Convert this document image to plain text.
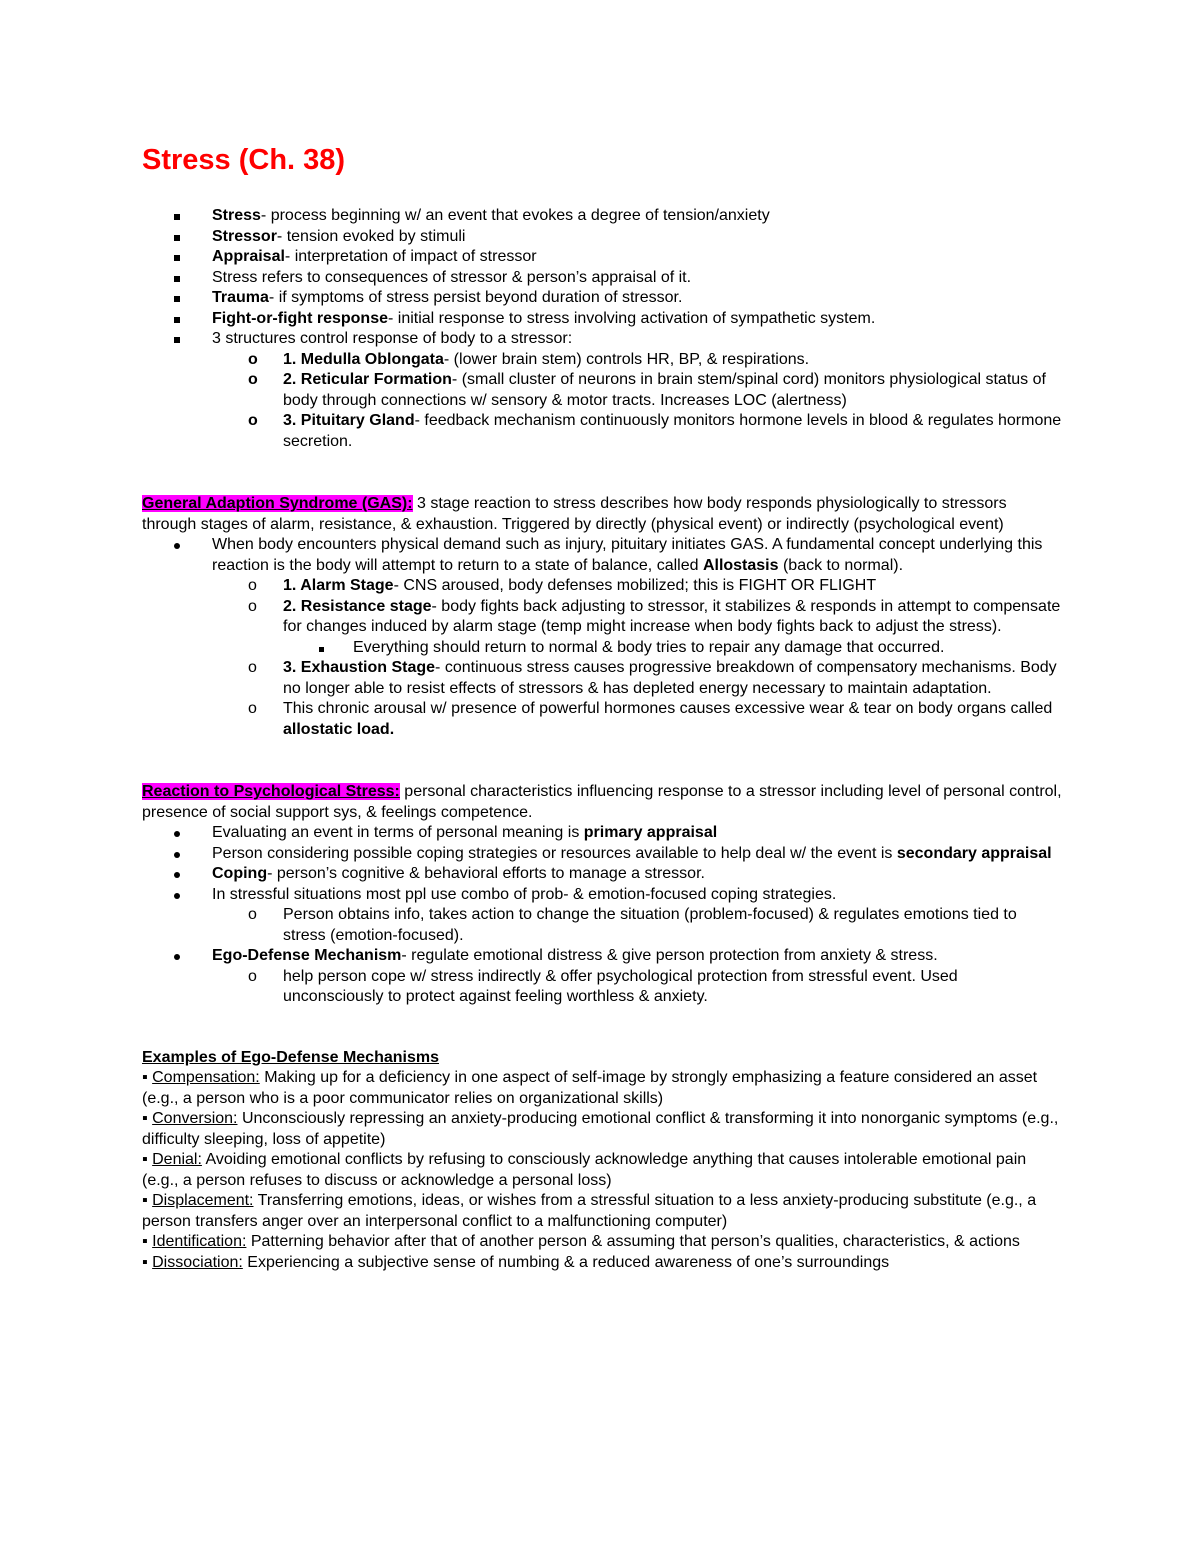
Stress (Ch. 38)
Stress- process beginning w/ an event that evokes a degree of tension/anxiety
Stressor- tension evoked by stimuli
Appraisal- interpretation of impact of stressor
Stress refers to consequences of stressor & person’s appraisal of it.
Trauma- if symptoms of stress persist beyond duration of stressor.
Fight-or-fight response- initial response to stress involving activation of sympathetic system.
3 structures control response of body to a stressor:
o 1. Medulla Oblongata- (lower brain stem) controls HR, BP, & respirations.
o 2. Reticular Formation- (small cluster of neurons in brain stem/spinal cord) monitors physiological status of body through connections w/ sensory & motor tracts. Increases LOC (alertness)
o 3. Pituitary Gland- feedback mechanism continuously monitors hormone levels in blood & regulates hormone secretion.

General Adaption Syndrome (GAS): 3 stage reaction to stress describes how body responds physiologically to stressors through stages of alarm, resistance, & exhaustion. Triggered by directly (physical event) or indirectly (psychological event)

When body encounters physical demand such as injury, pituitary initiates GAS. A fundamental concept underlying this reaction is the body will attempt to return to a state of balance, called Allostasis (back to normal).
o 1. Alarm Stage- CNS aroused, body defenses mobilized; this is FIGHT OR FLIGHT
o 2. Resistance stage- body fights back adjusting to stressor, it stabilizes & responds in attempt to compensate for changes induced by alarm stage (temp might increase when body fights back to adjust the stress).
Everything should return to normal & body tries to repair any damage that occurred.
o 3. Exhaustion Stage- continuous stress causes progressive breakdown of compensatory mechanisms. Body no longer able to resist effects of stressors & has depleted energy necessary to maintain adaptation.
o This chronic arousal w/ presence of powerful hormones causes excessive wear & tear on body organs called allostatic load.

Reaction to Psychological Stress: personal characteristics influencing response to a stressor including level of personal control, presence of social support sys, & feelings competence.

Evaluating an event in terms of personal meaning is primary appraisal
Person considering possible coping strategies or resources available to help deal w/ the event is secondary appraisal
Coping- person’s cognitive & behavioral efforts to manage a stressor.
In stressful situations most ppl use combo of prob- & emotion-focused coping strategies.
o Person obtains info, takes action to change the situation (problem-focused) & regulates emotions tied to stress (emotion-focused).
Ego-Defense Mechanism- regulate emotional distress & give person protection from anxiety & stress.
o help person cope w/ stress indirectly & offer psychological protection from stressful event. Used unconsciously to protect against feeling worthless & anxiety.

Examples of Ego-Defense Mechanisms

▪ Compensation: Making up for a deficiency in one aspect of self-image by strongly emphasizing a feature considered an asset (e.g., a person who is a poor communicator relies on organizational skills)

▪ Conversion: Unconsciously repressing an anxiety-producing emotional conflict & transforming it into nonorganic symptoms (e.g., difficulty sleeping, loss of appetite)

▪ Denial: Avoiding emotional conflicts by refusing to consciously acknowledge anything that causes intolerable emotional pain (e.g., a person refuses to discuss or acknowledge a personal loss)

▪ Displacement: Transferring emotions, ideas, or wishes from a stressful situation to a less anxiety-producing substitute (e.g., a person transfers anger over an interpersonal conflict to a malfunctioning computer)

▪ Identification: Patterning behavior after that of another person & assuming that person’s qualities, characteristics, & actions

▪ Dissociation: Experiencing a subjective sense of numbing & a reduced awareness of one’s surroundings
